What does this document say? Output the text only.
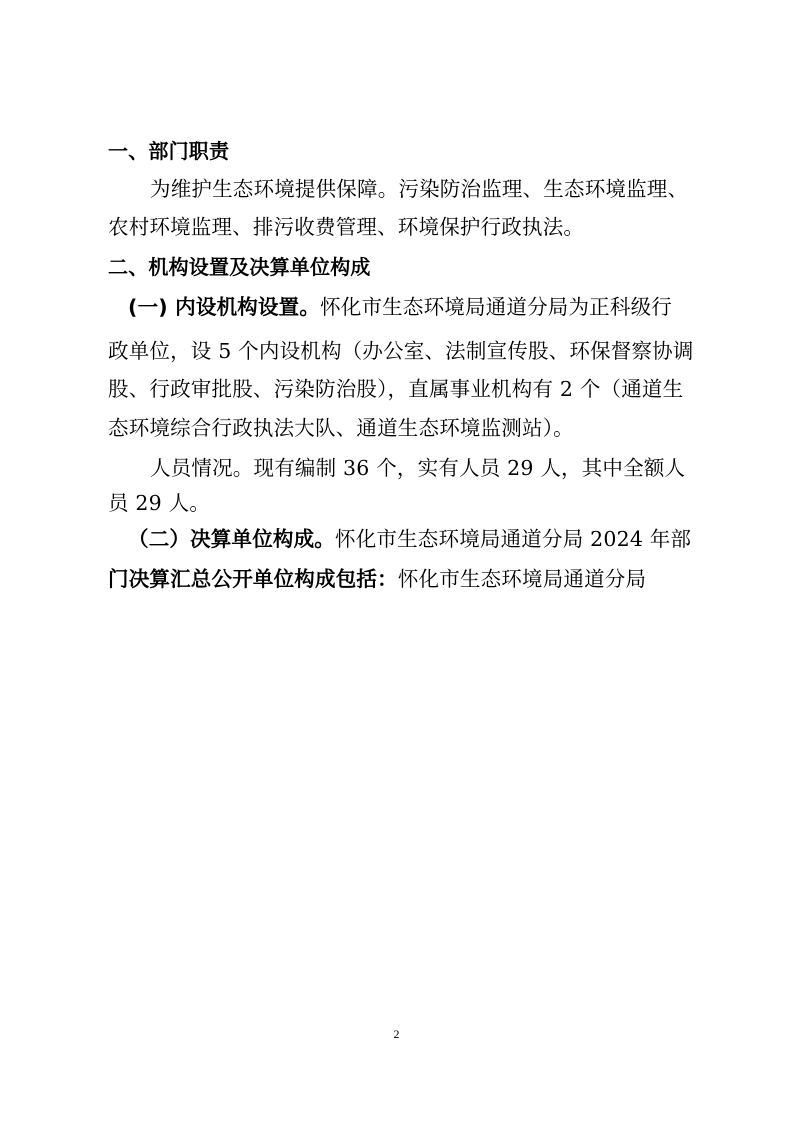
一、部门职责
为维护生态环境提供保障。污染防治监理、生态环境监理、
农村环境监理、排污收费管理、环境保护行政执法。
二、机构设置及决算单位构成
(一) 内设机构设置。怀化市生态环境局通道分局为正科级行
政单位，设 5 个内设机构（办公室、法制宣传股、环保督察协调
股、行政审批股、污染防治股），直属事业机构有 2 个（通道生
态环境综合行政执法大队、通道生态环境监测站）。
人员情况。现有编制 36 个，实有人员 29 人，其中全额人
员 29 人。
（二）决算单位构成。怀化市生态环境局通道分局 2024 年部
门决算汇总公开单位构成包括：怀化市生态环境局通道分局
2
